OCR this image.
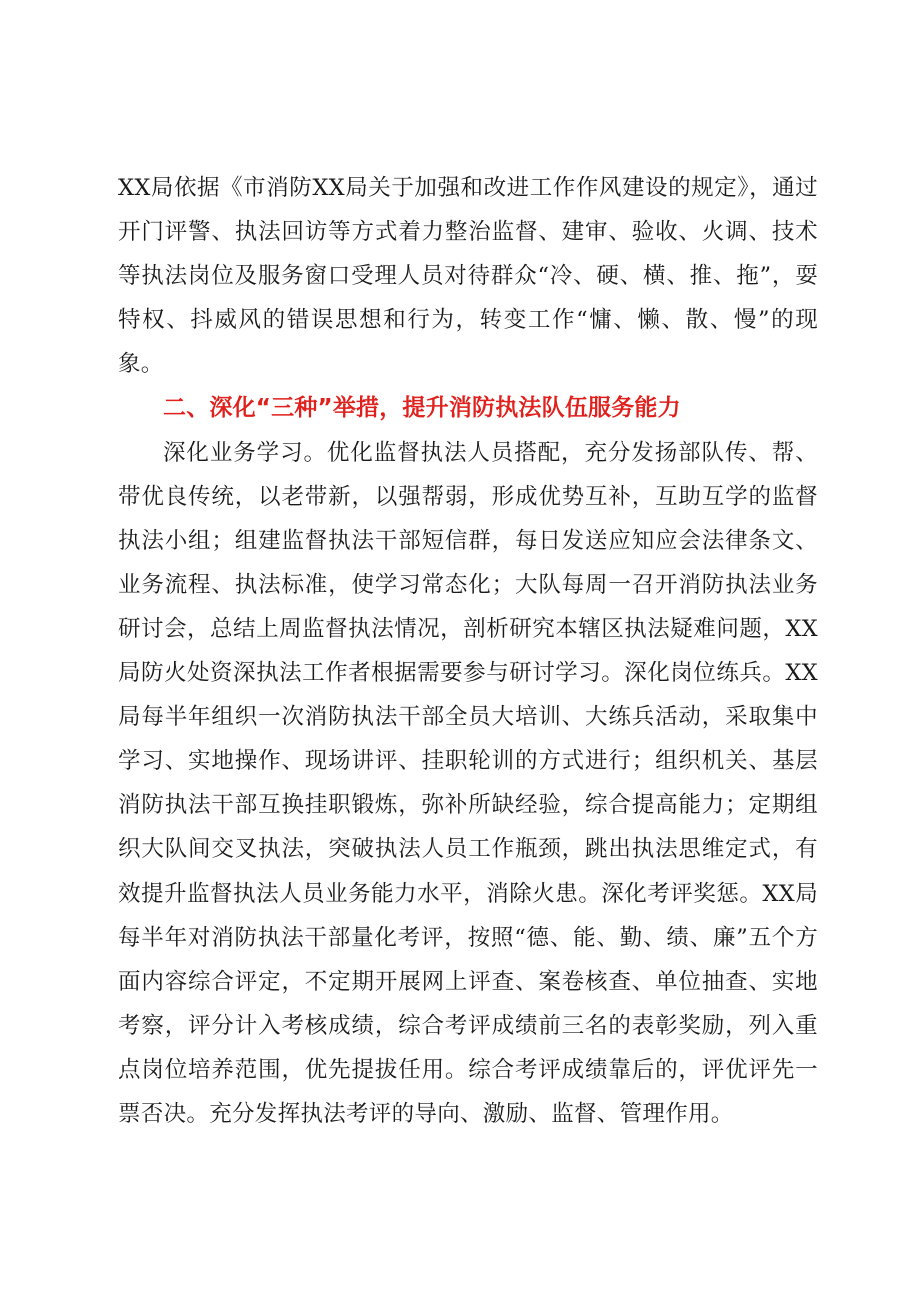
XX局依据《市消防XX局关于加强和改进工作作风建设的规定》，通过开门评警、执法回访等方式着力整治监督、建审、验收、火调、技术等执法岗位及服务窗口受理人员对待群众“冷、硬、横、推、拖”，耍特权、抖威风的错误思想和行为，转变工作“慵、懒、散、慢”的现象。

二、深化“三种”举措，提升消防执法队伍服务能力

深化业务学习。优化监督执法人员搭配，充分发扬部队传、帮、带优良传统，以老带新，以强帮弱，形成优势互补，互助互学的监督执法小组；组建监督执法干部短信群，每日发送应知应会法律条文、业务流程、执法标准，使学习常态化；大队每周一召开消防执法业务研讨会，总结上周监督执法情况，剖析研究本辖区执法疑难问题，XX局防火处资深执法工作者根据需要参与研讨学习。深化岗位练兵。XX局每半年组织一次消防执法干部全员大培训、大练兵活动，采取集中学习、实地操作、现场讲评、挂职轮训的方式进行；组织机关、基层消防执法干部互换挂职锻炼，弥补所缺经验，综合提高能力；定期组织大队间交叉执法，突破执法人员工作瓶颈，跳出执法思维定式，有效提升监督执法人员业务能力水平，消除火患。深化考评奖惩。XX局每半年对消防执法干部量化考评，按照“德、能、勤、绩、廉”五个方面内容综合评定，不定期开展网上评查、案卷核查、单位抽查、实地考察，评分计入考核成绩，综合考评成绩前三名的表彰奖励，列入重点岗位培养范围，优先提拔任用。综合考评成绩靠后的，评优评先一票否决。充分发挥执法考评的导向、激励、监督、管理作用。
